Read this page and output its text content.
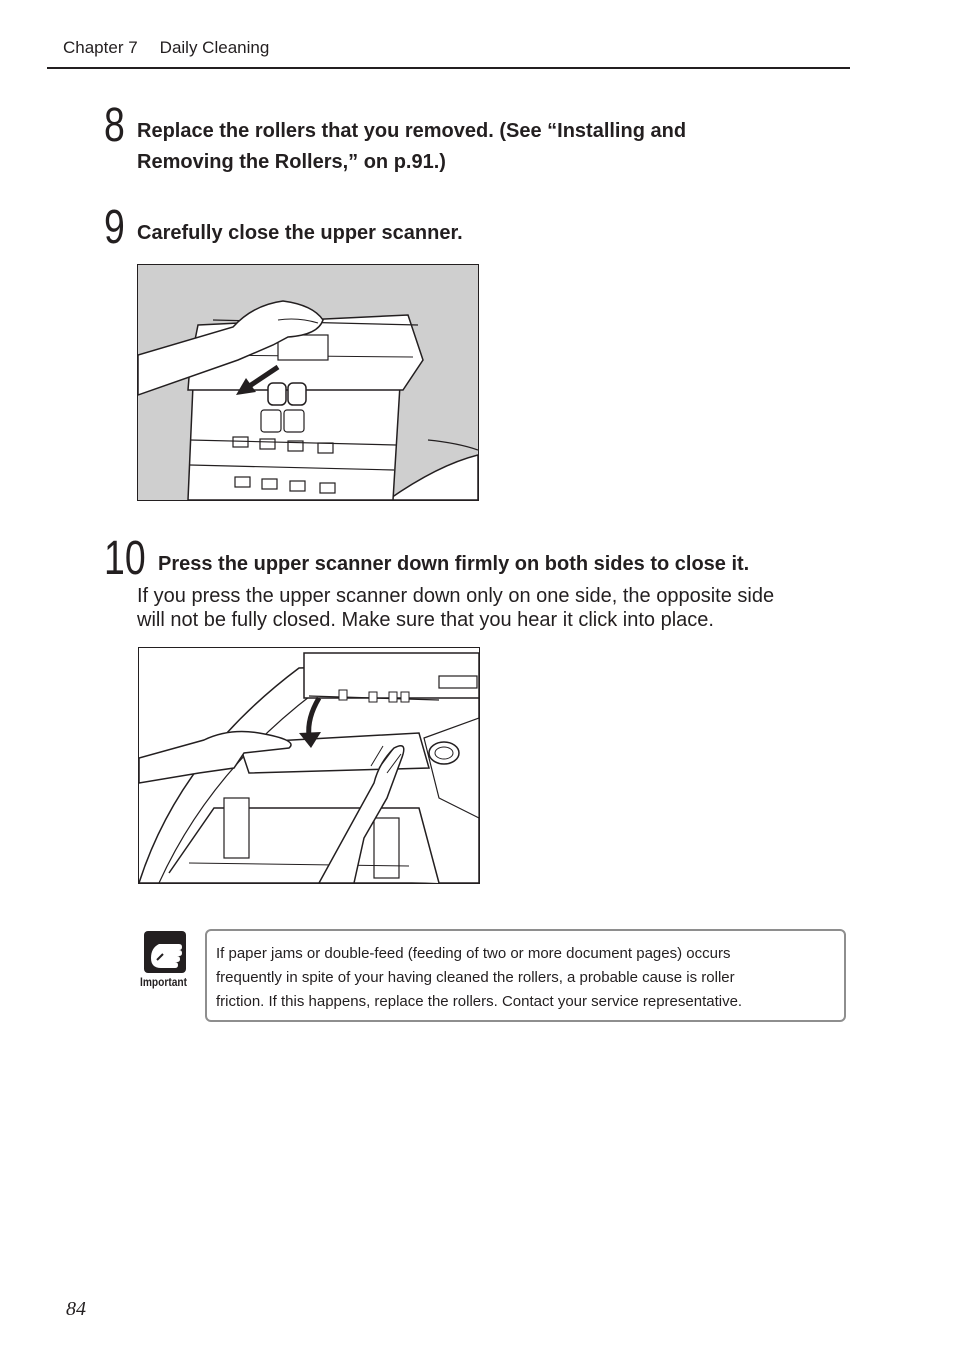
Chapter 7 Daily Cleaning
8 Replace the rollers that you removed. (See “Installing and
Removing the Rollers,” on p.91.)
9 Carefully close the upper scanner.
10 Press the upper scanner down firmly on both sides to close it.
If you press the upper scanner down only on one side, the opposite side
will not be fully closed. Make sure that you hear it click into place.
Important
If paper jams or double-feed (feeding of two or more document pages) occurs
frequently in spite of your having cleaned the rollers, a probable cause is roller
friction. If this happens, replace the rollers. Contact your service representative.
84
